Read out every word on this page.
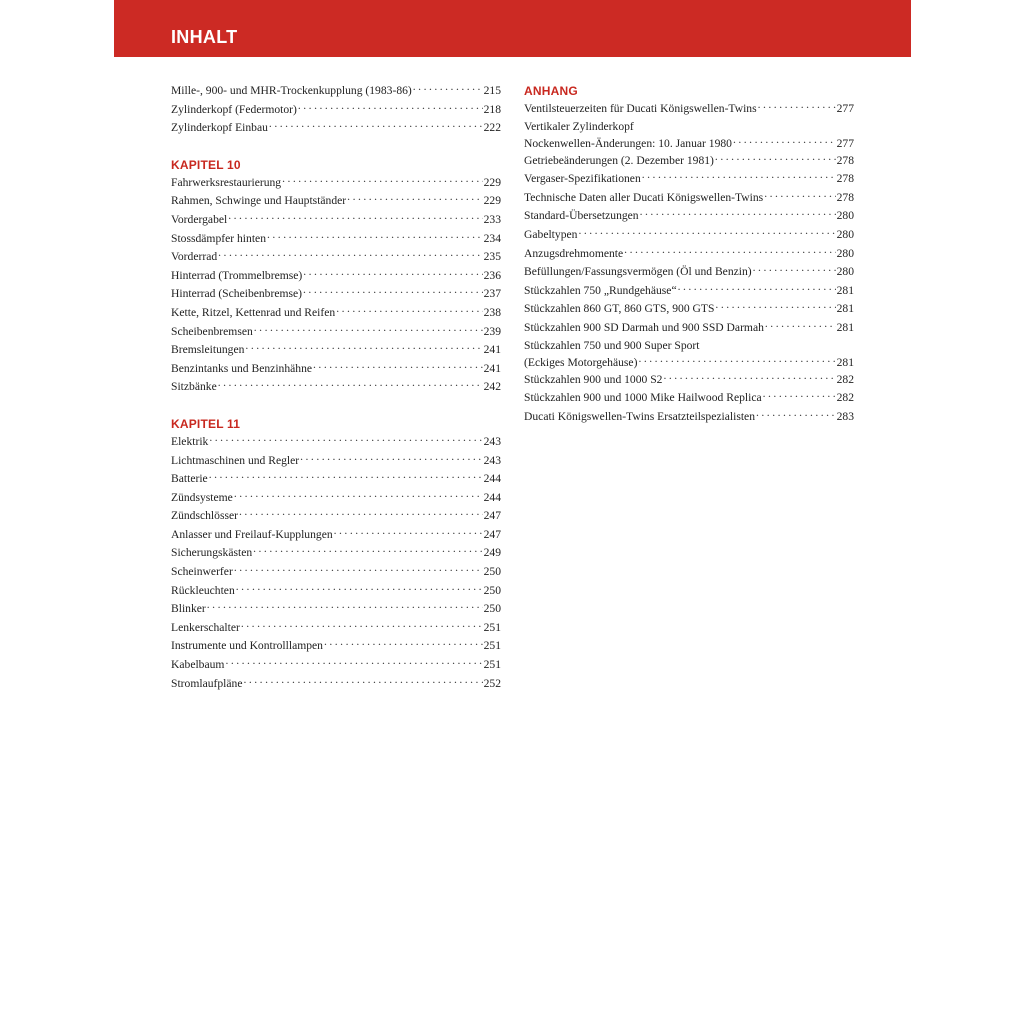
INHALT
Mille-, 900- und MHR-Trockenkupplung (1983-86) . . .	215
Zylinderkopf (Federmotor) . . .	218
Zylinderkopf Einbau . . .	222
KAPITEL 10
Fahrwerksrestaurierung . . .	229
Rahmen, Schwinge und Hauptständer . . .	229
Vordergabel . . .	233
Stossdämpfer hinten . . .	234
Vorderrad . . .	235
Hinterrad (Trommelbremse) . . .	236
Hinterrad (Scheibenbremse) . . .	237
Kette, Ritzel, Kettenrad und Reifen . . .	238
Scheibenbremsen . . .	239
Bremsleitungen . . .	241
Benzintanks und Benzinhähne . . .	241
Sitzbänke . . .	242
KAPITEL 11
Elektrik . . .	243
Lichtmaschinen und Regler . . .	243
Batterie . . .	244
Zündsysteme . . .	244
Zündschlösser . . .	247
Anlasser und Freilauf-Kupplungen . . .	247
Sicherungskästen . . .	249
Scheinwerfer . . .	250
Rückleuchten . . .	250
Blinker . . .	250
Lenkerschalter . . .	251
Instrumente und Kontrolllampen . . .	251
Kabelbaum . . .	251
Stromlaufpläne . . .	252
ANHANG
Ventilsteuerzeiten für Ducati Königswellen-Twins . . .	277
Vertikaler Zylinderkopf
Nockenwellen-Änderungen: 10. Januar 1980 . . .	277
Getriebeänderungen (2. Dezember 1981) . . .	278
Vergaser-Spezifikationen . . .	278
Technische Daten aller Ducati Königswellen-Twins . . .	278
Standard-Übersetzungen . . .	280
Gabeltypen . . .	280
Anzugsdrehmomente . . .	280
Befüllungen/Fassungsvermögen (Öl und Benzin) . . .	280
Stückzahlen 750 „Rundgehäuse“ . . .	281
Stückzahlen 860 GT, 860 GTS, 900 GTS . . .	281
Stückzahlen 900 SD Darmah und 900 SSD Darmah . . .	281
Stückzahlen 750 und 900 Super Sport
(Eckiges Motorgehäuse) . . .	281
Stückzahlen 900 und 1000 S2 . . .	282
Stückzahlen 900 und 1000 Mike Hailwood Replica . . .	282
Ducati Königswellen-Twins Ersatzteilspezialisten . . .	283
